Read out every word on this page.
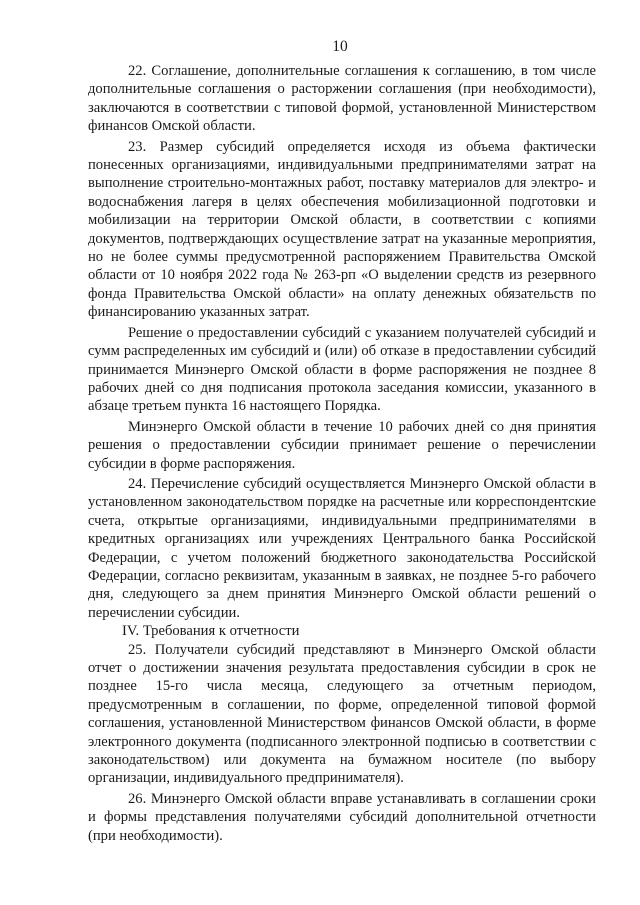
10

22. Соглашение, дополнительные соглашения к соглашению, в том числе дополнительные соглашения о расторжении соглашения (при необходимости), заключаются в соответствии с типовой формой, установленной Министерством финансов Омской области.

23. Размер субсидий определяется исходя из объема фактически понесенных организациями, индивидуальными предпринимателями затрат на выполнение строительно-монтажных работ, поставку материалов для электро- и водоснабжения лагеря в целях обеспечения мобилизационной подготовки и мобилизации на территории Омской области, в соответствии с копиями документов, подтверждающих осуществление затрат на указанные мероприятия, но не более суммы предусмотренной распоряжением Правительства Омской области от 10 ноября 2022 года № 263-рп «О выделении средств из резервного фонда Правительства Омской области» на оплату денежных обязательств по финансированию указанных затрат.

Решение о предоставлении субсидий с указанием получателей субсидий и сумм распределенных им субсидий и (или) об отказе в предоставлении субсидий принимается Минэнерго Омской области в форме распоряжения не позднее 8 рабочих дней со дня подписания протокола заседания комиссии, указанного в абзаце третьем пункта 16 настоящего Порядка.

Минэнерго Омской области в течение 10 рабочих дней со дня принятия решения о предоставлении субсидии принимает решение о перечислении субсидии в форме распоряжения.

24. Перечисление субсидий осуществляется Минэнерго Омской области в установленном законодательством порядке на расчетные или корреспондентские счета, открытые организациями, индивидуальными предпринимателями в кредитных организациях или учреждениях Центрального банка Российской Федерации, с учетом положений бюджетного законодательства Российской Федерации, согласно реквизитам, указанным в заявках, не позднее 5-го рабочего дня, следующего за днем принятия Минэнерго Омской области решений о перечислении субсидии.

IV. Требования к отчетности

25. Получатели субсидий представляют в Минэнерго Омской области отчет о достижении значения результата предоставления субсидии в срок не позднее 15-го числа месяца, следующего за отчетным периодом, предусмотренным в соглашении, по форме, определенной типовой формой соглашения, установленной Министерством финансов Омской области, в форме электронного документа (подписанного электронной подписью в соответствии с законодательством) или документа на бумажном носителе (по выбору организации, индивидуального предпринимателя).

26. Минэнерго Омской области вправе устанавливать в соглашении сроки и формы представления получателями субсидий дополнительной отчетности (при необходимости).
